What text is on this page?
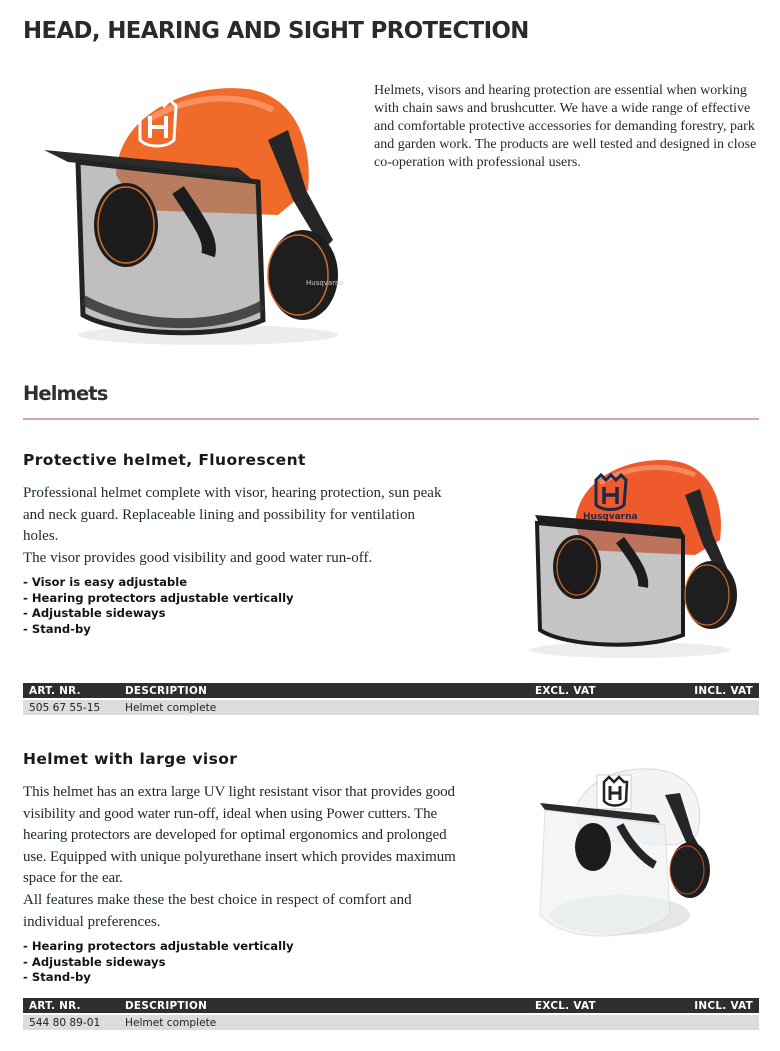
HEAD, HEARING AND SIGHT PROTECTION
Husqvarna

Helmets, visors and hearing protection are essential when working with chain saws and brushcutter. We have a wide range of effective and comfortable protective accessories for demanding forestry, park and garden work. The products are well tested and designed in close co-operation with professional users.

Helmets
Protective helmet, Fluorescent

Professional helmet complete with visor, hearing protection, sun peak and neck guard. Replaceable lining and possibility for ventilation holes.

The visor provides good visibility and good water run-off.

- Visor is easy adjustable
- Hearing protectors adjustable vertically
- Adjustable sideways
- Stand-by
Husqvarna
ART. NR.	DESCRIPTION	EXCL. VAT	INCL. VAT

505 67 55-15	Helmet complete		
Helmet with large visor

This helmet has an extra large UV light resistant visor that provides good visibility and good water run-off, ideal when using Power cutters. The hearing protectors are developed for optimal ergonomics and prolonged use. Equipped with unique polyurethane insert which provides maximum space for the ear.

All features make these the best choice in respect of comfort and individual preferences.

- Hearing protectors adjustable vertically
- Adjustable sideways
- Stand-by
ART. NR.	DESCRIPTION	EXCL. VAT	INCL. VAT

544 80 89-01	Helmet complete		
